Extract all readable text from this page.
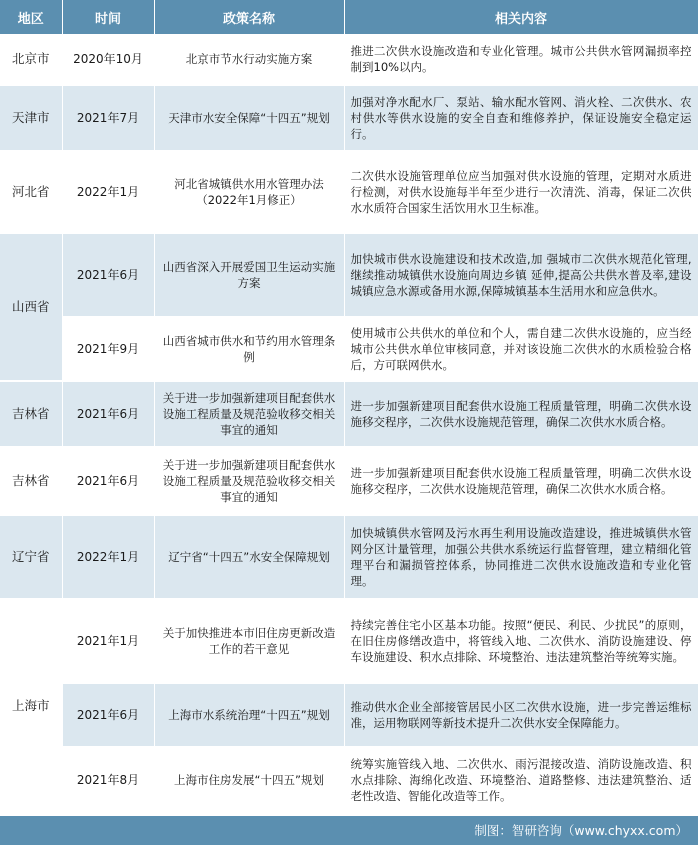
地区	时间	政策名称	相关内容
北京市	2020年10月	北京市节水行动实施方案	推进二次供水设施改造和专业化管理。城市公共供水管网漏损率控制到10%以内。
天津市	2021年7月	天津市水安全保障“十四五”规划	加强对净水配水厂、泵站、输水配水管网、消火栓、二次供水、农村供水等供水设施的安全自查和维修养护，保证设施安全稳定运行。
河北省	2022年1月	河北省城镇供水用水管理办法（2022年1月修正）	二次供水设施管理单位应当加强对供水设施的管理，定期对水质进行检测，对供水设施每半年至少进行一次清洗、消毒，保证二次供水水质符合国家生活饮用水卫生标准。
山西省	2021年6月	山西省深入开展爱国卫生运动实施方案	加快城市供水设施建设和技术改造,加 强城市二次供水规范化管理,继续推动城镇供水设施向周边乡镇 延伸,提高公共供水普及率,建设城镇应急水源或备用水源,保障城镇基本生活用水和应急供水。
	2021年9月	山西省城市供水和节约用水管理条例	使用城市公共供水的单位和个人，需自建二次供水设施的，应当经城市公共供水单位审核同意，并对该设施二次供水的水质检验合格后，方可联网供水。
吉林省	2021年6月	关于进一步加强新建项目配套供水设施工程质量及规范验收移交相关事宜的通知	进一步加强新建项目配套供水设施工程质量管理，明确二次供水设施移交程序，二次供水设施规范管理，确保二次供水水质合格。
吉林省	2021年6月	关于进一步加强新建项目配套供水设施工程质量及规范验收移交相关事宜的通知	进一步加强新建项目配套供水设施工程质量管理，明确二次供水设施移交程序，二次供水设施规范管理，确保二次供水水质合格。
辽宁省	2022年1月	辽宁省“十四五”水安全保障规划	加快城镇供水管网及污水再生利用设施改造建设，推进城镇供水管网分区计量管理，加强公共供水系统运行监督管理，建立精细化管理平台和漏损管控体系，协同推进二次供水设施改造和专业化管理。
上海市	2021年1月	关于加快推进本市旧住房更新改造工作的若干意见	持续完善住宅小区基本功能。按照“便民、利民、少扰民”的原则，在旧住房修缮改造中，将管线入地、二次供水、消防设施建设、停车设施建设、积水点排除、环境整治、违法建筑整治等统筹实施。
	2021年6月	上海市水系统治理“十四五”规划	推动供水企业全部接管居民小区二次供水设施，进一步完善运维标准，运用物联网等新技术提升二次供水安全保障能力。
	2021年8月	上海市住房发展“十四五”规划	统筹实施管线入地、二次供水、雨污混接改造、消防设施改造、积水点排除、海绵化改造、环境整治、道路整修、违法建筑整治、适老性改造、智能化改造等工作。
制图：智研咨询（www.chyxx.com）
